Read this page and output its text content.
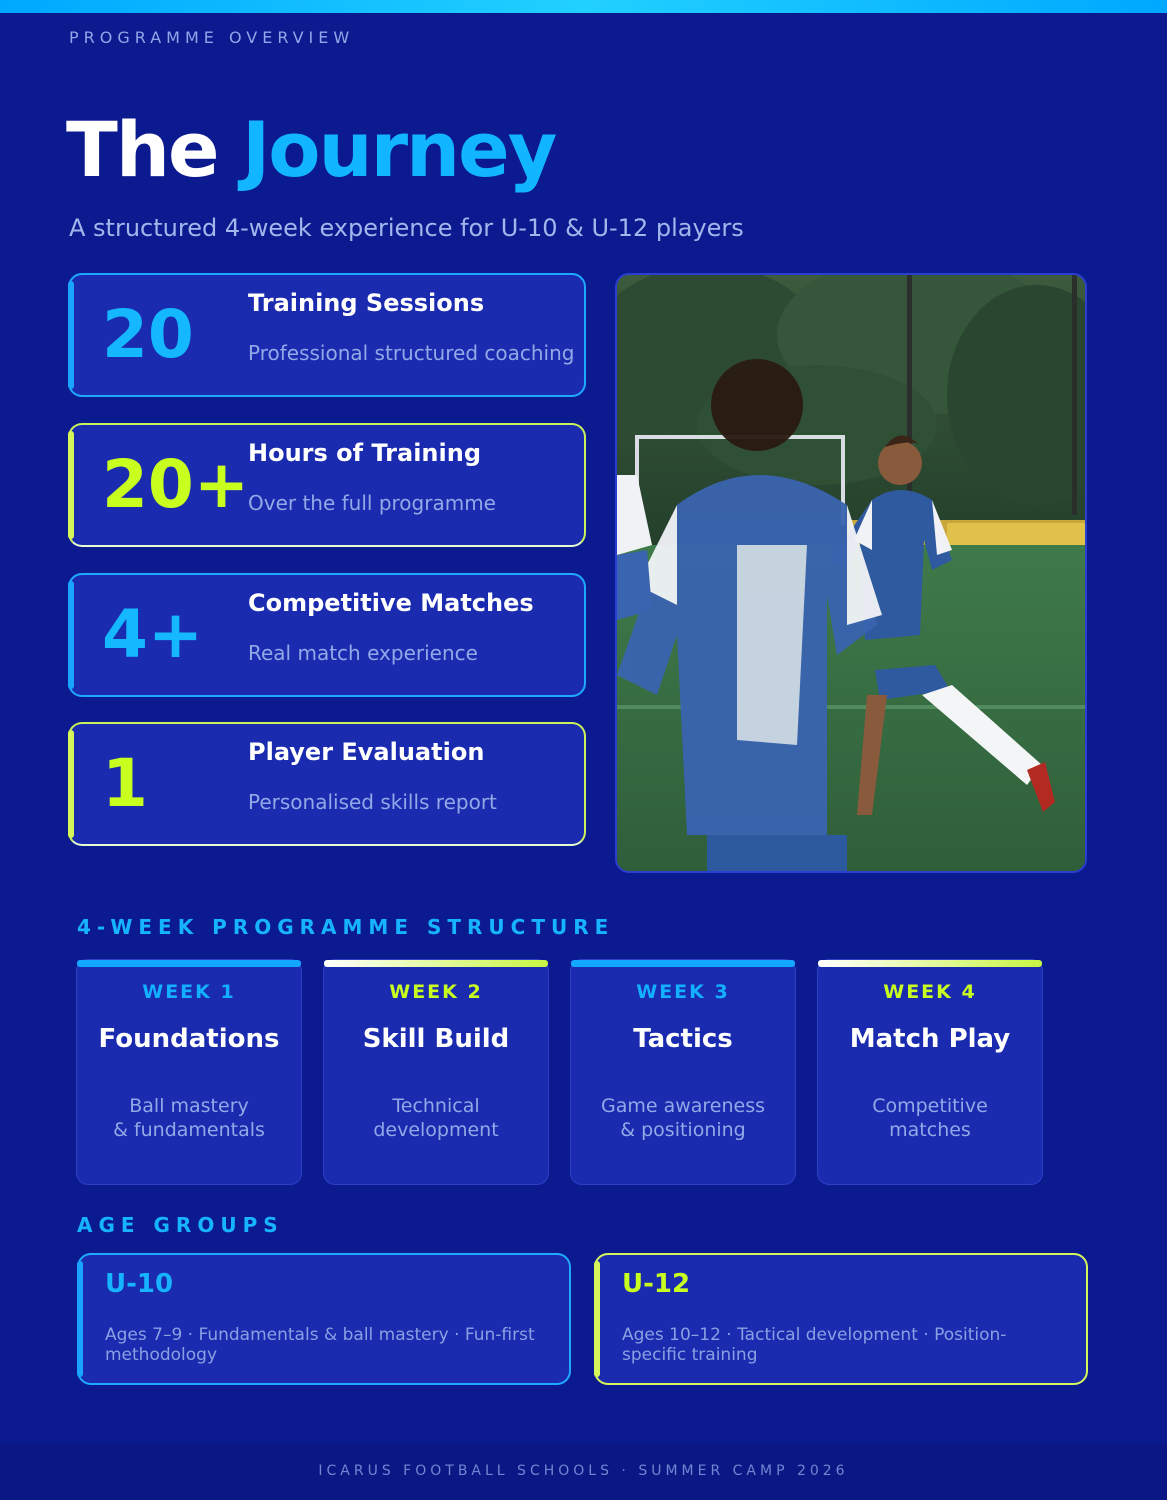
PROGRAMME OVERVIEW
The Journey
A structured 4-week experience for U-10 & U-12 players
20 Training Sessions
Professional structured coaching
20+
Hours of Training
Over the full programme
4+ Competitive Matches
Real match experience
1	Player Evaluation
Personalised skills report
4-WEEK PROGRAMME STRUCTURE
WEEK 1
Foundations
Ball mastery
& fundamentals
WEEK 2
Skill Build
Technical
development
WEEK 3
Tactics
Game awareness
& positioning
WEEK 4
Match Play
Competitive
matches
AGE GROUPS
U-10
Ages 7–9 · Fundamentals & ball mastery · Fun-first methodology
U-12
Ages 10–12 · Tactical development · Position-specific training
ICARUS FOOTBALL SCHOOLS · SUMMER CAMP 2026
